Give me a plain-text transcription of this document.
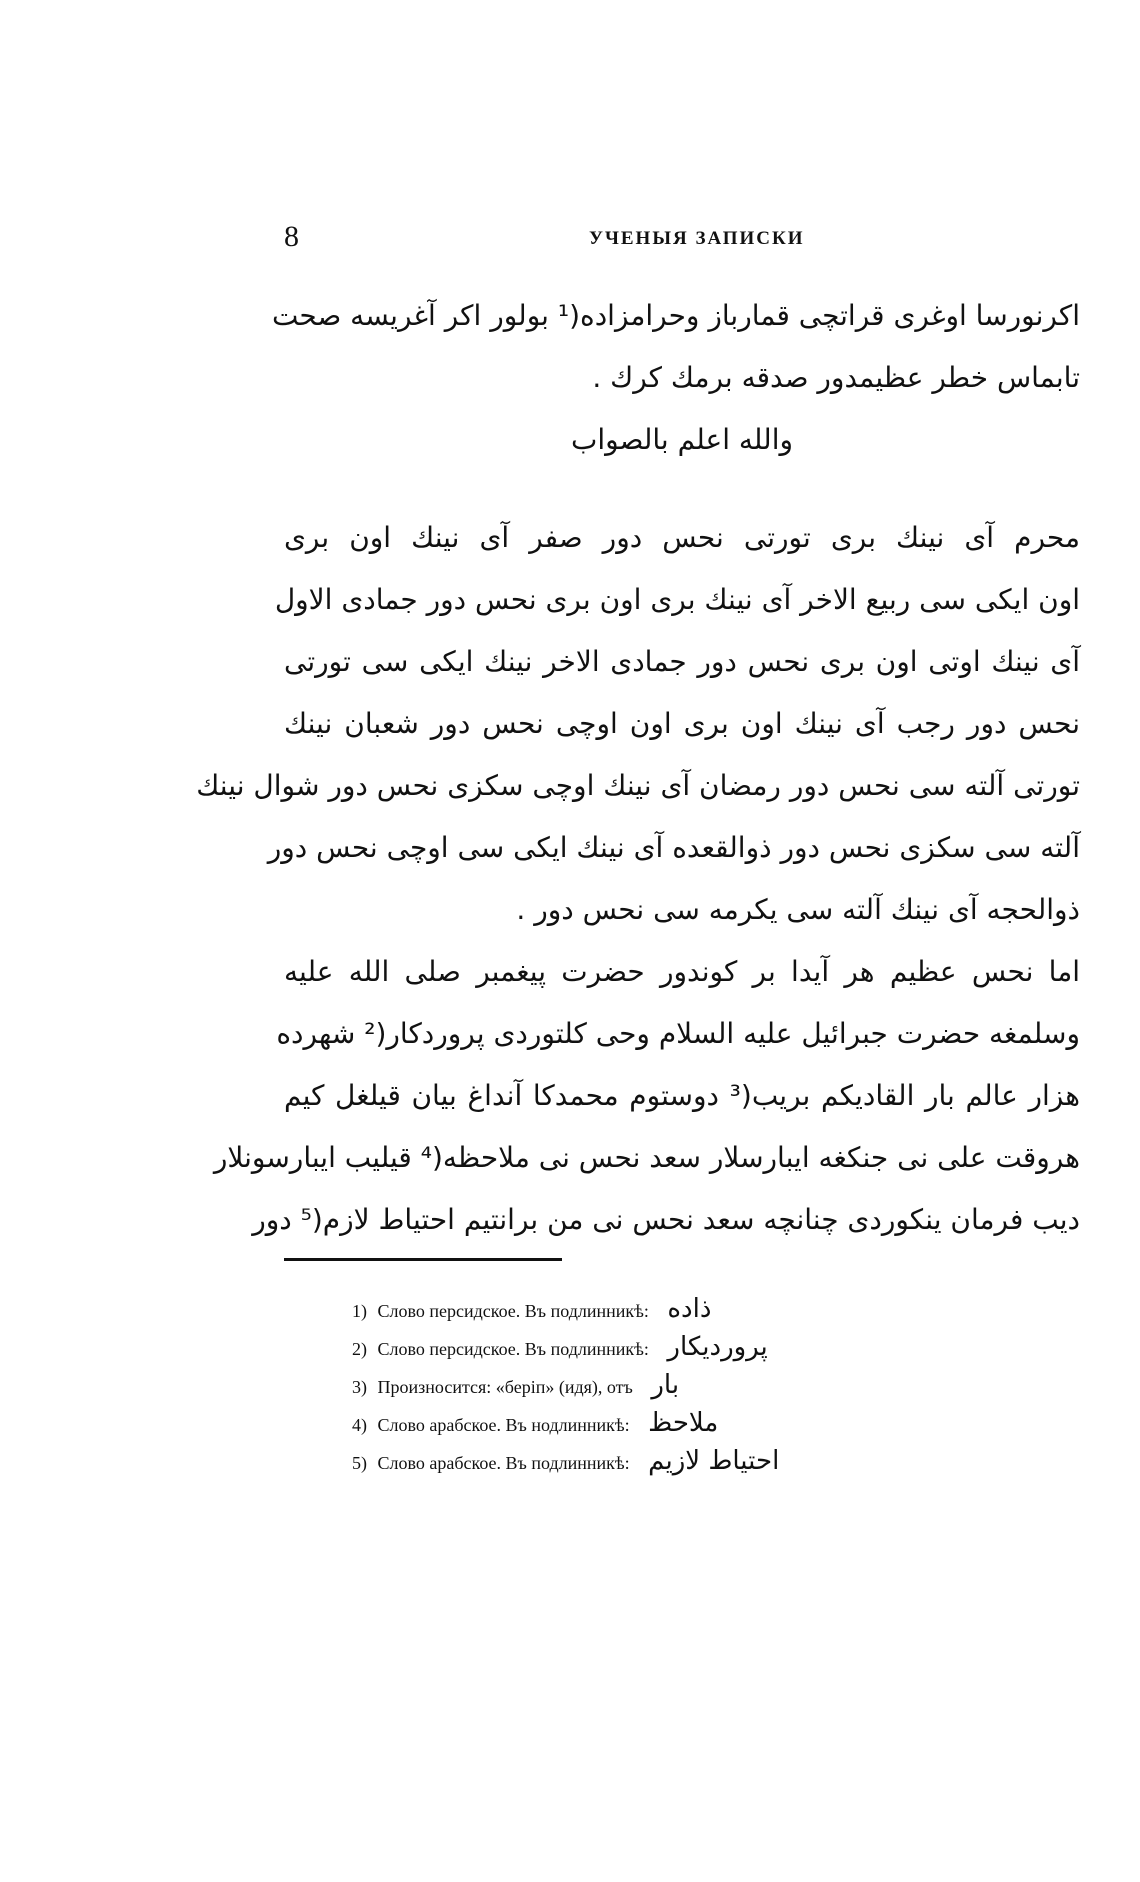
8	УЧЕНЫЯ ЗАПИСКИ
اکرنورسا اوغری قراتچی قمارباز وحرامزاده(¹ بولور اکر آغریسه صحت
تابماس خطر عظیمدور صدقه برمك کرك .
والله اعلم بالصواب
محرم آی نینك بری تورتی نحس دور صفر آی نینك اون بری
اون ایکی سی ربیع الاخر آی نینك بری اون بری نحس دور جمادی الاول
آی نینك اوتی اون بری نحس دور جمادی الاخر نینك ایکی سی تورتی
نحس دور رجب آی نینك اون بری اون اوچی نحس دور شعبان نینك
تورتی آلته سی نحس دور رمضان آی نینك اوچی سکزی نحس دور شوال نینك
آلته سی سکزی نحس دور ذوالقعده آی نینك ایکی سی اوچی نحس دور
ذوالحجه آی نینك آلته سی یکرمه سی نحس دور .
اما نحس عظیم هر آیدا بر کوندور حضرت پیغمبر صلی الله علیه
وسلمغه حضرت جبرائیل علیه السلام وحی کلتوردی پروردکار(² شهرده
هزار عالم بار القادیکم بریب(³ دوستوم محمدکا آنداغ بیان قیلغل کیم
هروقت علی نی جنکغه ایبارسلار سعد نحس نی ملاحظه(⁴ قیلیب ایبارسونلار
دیب فرمان ینکوردی چنانچه سعد نحس نی من برانتیم احتیاط لازم(⁵ دور
1) Слово персидское. Въ подлинникѣ: ذاده
2) Слово персидское. Въ подлинникѣ: پروردیکار
3) Произносится: «беріп» (идя), отъ بار
4) Слово арабское. Въ нодлинникѣ: ملاحظ
5) Слово арабское. Въ подлинникѣ: احتیاط لازیم
